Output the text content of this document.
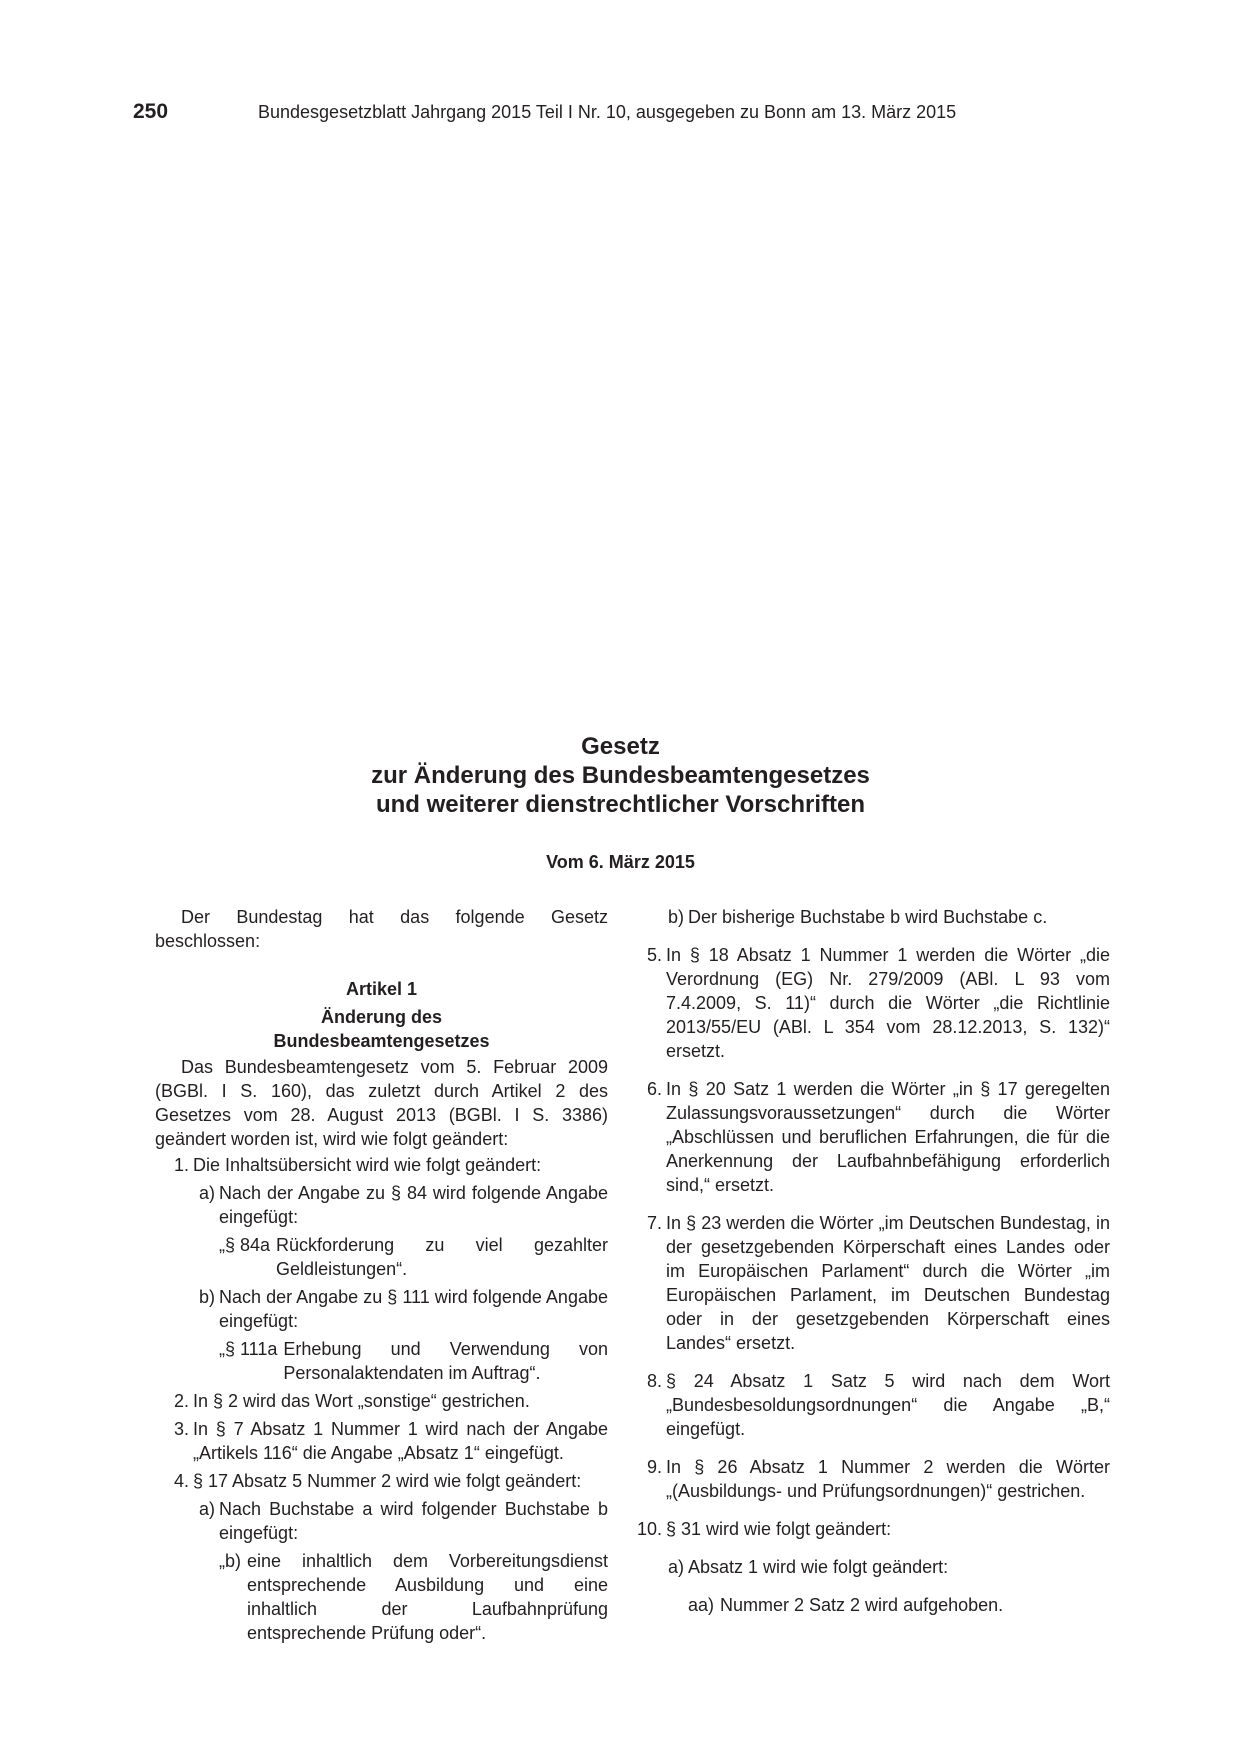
250	Bundesgesetzblatt Jahrgang 2015 Teil I Nr. 10, ausgegeben zu Bonn am 13. März 2015
Gesetz
zur Änderung des Bundesbeamtengesetzes
und weiterer dienstrechtlicher Vorschriften
Vom 6. März 2015

Der Bundestag hat das folgende Gesetz beschlossen:

Artikel 1

Änderung des

Bundesbeamtengesetzes

Das Bundesbeamtengesetz vom 5. Februar 2009 (BGBl. I S. 160), das zuletzt durch Artikel 2 des Gesetzes vom 28. August 2013 (BGBl. I S. 3386) geändert worden ist, wird wie folgt geändert:

1. Die Inhaltsübersicht wird wie folgt geändert:
a) Nach der Angabe zu § 84 wird folgende Angabe eingefügt:
„§ 84a Rückforderung zu viel gezahlter Geldleistungen“.
b) Nach der Angabe zu § 111 wird folgende Angabe eingefügt:
„§ 111a Erhebung und Verwendung von Personalaktendaten im Auftrag“.
2. In § 2 wird das Wort „sonstige“ gestrichen.
3. In § 7 Absatz 1 Nummer 1 wird nach der Angabe „Artikels 116“ die Angabe „Absatz 1“ eingefügt.
4. § 17 Absatz 5 Nummer 2 wird wie folgt geändert:
a) Nach Buchstabe a wird folgender Buchstabe b eingefügt:
„b) eine inhaltlich dem Vorbereitungsdienst entsprechende Ausbildung und eine inhaltlich der Laufbahnprüfung entsprechende Prüfung oder“.
b) Der bisherige Buchstabe b wird Buchstabe c.
5. In § 18 Absatz 1 Nummer 1 werden die Wörter „die Verordnung (EG) Nr. 279/2009 (ABl. L 93 vom 7.4.2009, S. 11)“ durch die Wörter „die Richtlinie 2013/55/EU (ABl. L 354 vom 28.12.2013, S. 132)“ ersetzt.
6. In § 20 Satz 1 werden die Wörter „in § 17 geregelten Zulassungsvoraussetzungen“ durch die Wörter „Abschlüssen und beruflichen Erfahrungen, die für die Anerkennung der Laufbahnbefähigung erforderlich sind,“ ersetzt.
7. In § 23 werden die Wörter „im Deutschen Bundestag, in der gesetzgebenden Körperschaft eines Landes oder im Europäischen Parlament“ durch die Wörter „im Europäischen Parlament, im Deutschen Bundestag oder in der gesetzgebenden Körperschaft eines Landes“ ersetzt.
8. § 24 Absatz 1 Satz 5 wird nach dem Wort „Bundesbesoldungsordnungen“ die Angabe „B,“ eingefügt.
9. In § 26 Absatz 1 Nummer 2 werden die Wörter „(Ausbildungs- und Prüfungsordnungen)“ gestrichen.
10. § 31 wird wie folgt geändert:
a) Absatz 1 wird wie folgt geändert:
aa) Nummer 2 Satz 2 wird aufgehoben.
